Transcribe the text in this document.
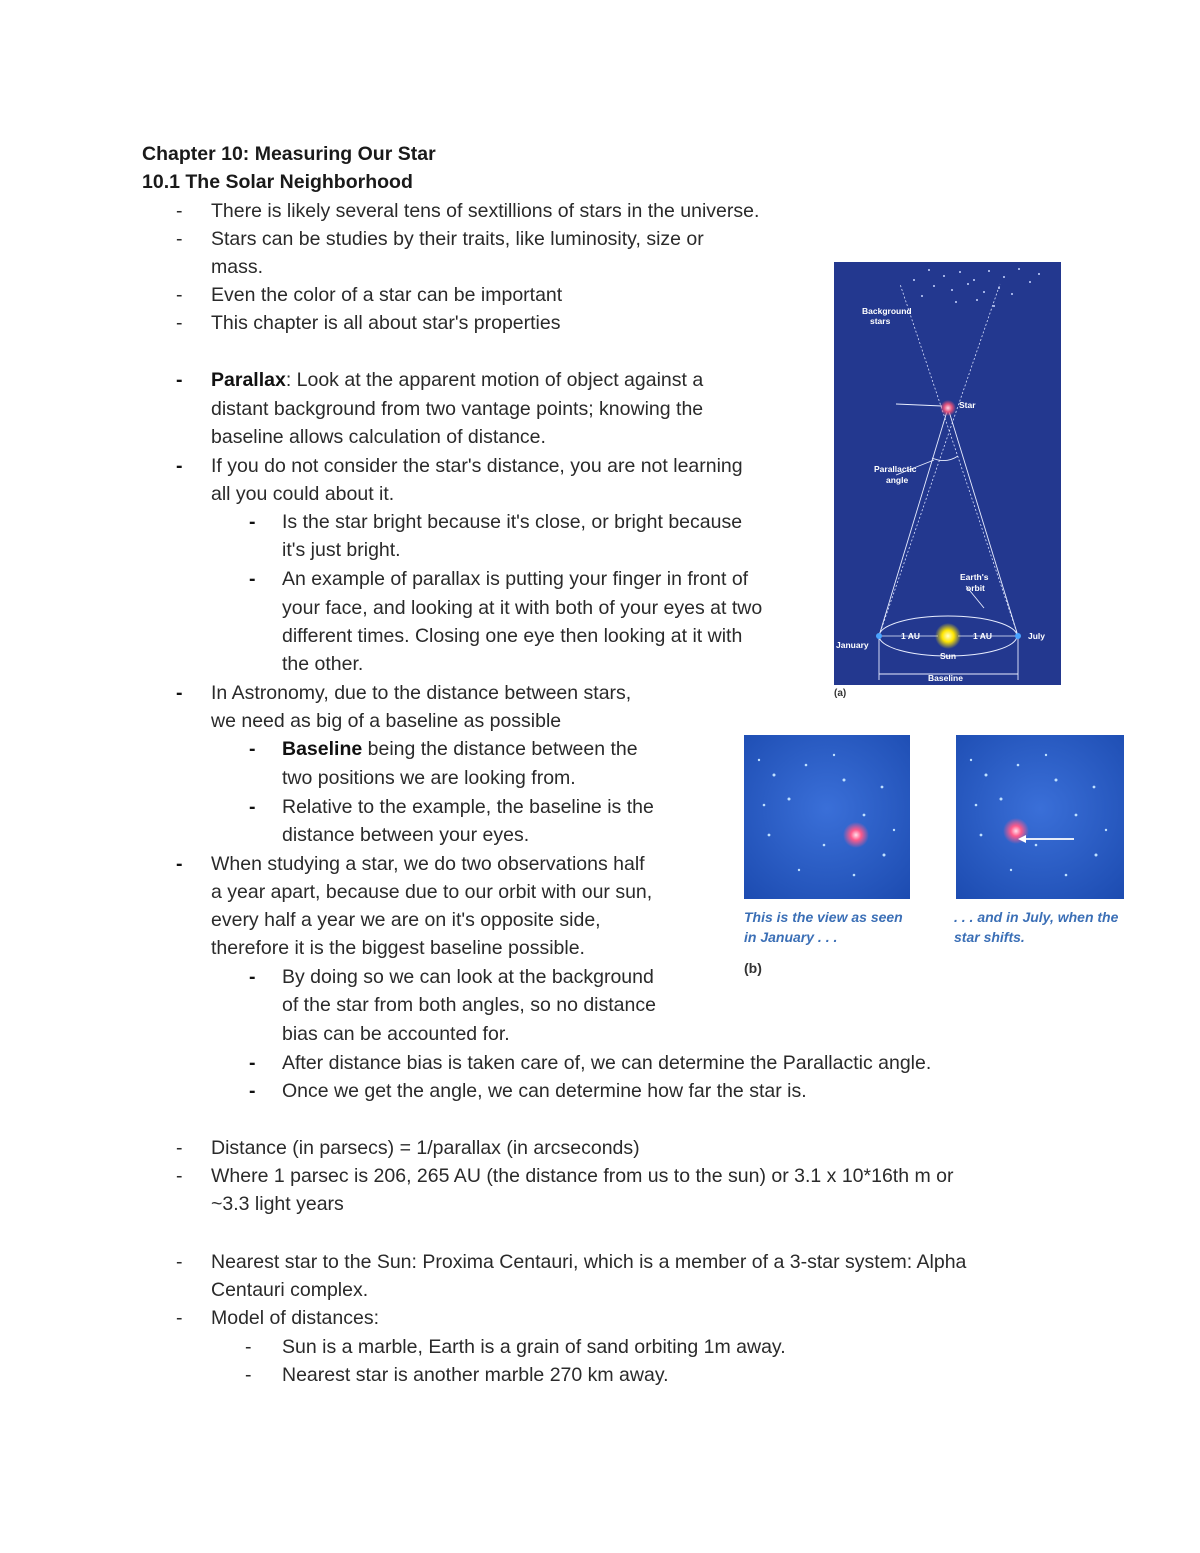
Chapter 10: Measuring Our Star
10.1 The Solar Neighborhood
- There is likely several tens of sextillions of stars in the universe.
- Stars can be studies by their traits, like luminosity, size or
mass.
- Even the color of a star can be important
- This chapter is all about star's properties
- Parallax: Look at the apparent motion of object against a
distant background from two vantage points; knowing the
baseline allows calculation of distance.
- If you do not consider the star's distance, you are not learning
all you could about it.
- Is the star bright because it's close, or bright because
it's just bright.
- An example of parallax is putting your finger in front of
your face, and looking at it with both of your eyes at two
different times. Closing one eye then looking at it with
the other.
- In Astronomy, due to the distance between stars,
we need as big of a baseline as possible
- Baseline being the distance between the
two positions we are looking from.
- Relative to the example, the baseline is the
distance between your eyes.
- When studying a star, we do two observations half
a year apart, because due to our orbit with our sun,
every half a year we are on it's opposite side,
therefore it is the biggest baseline possible.
- By doing so we can look at the background
of the star from both angles, so no distance
bias can be accounted for.
- After distance bias is taken care of, we can determine the Parallactic angle.
- Once we get the angle, we can determine how far the star is.
- Distance (in parsecs) = 1/parallax (in arcseconds)
- Where 1 parsec is 206, 265 AU (the distance from us to the sun) or 3.1 x 10*16th m or
~3.3 light years
- Nearest star to the Sun: Proxima Centauri, which is a member of a 3-star system: Alpha
Centauri complex.
- Model of distances:
- Sun is a marble, Earth is a grain of sand orbiting 1m away.
- Nearest star is another marble 270 km away.
Background
stars
Star
Parallactic
angle
Earth's
orbit
January
July
1 AU	1 AU
Sun
Baseline
(a)
This is the view as seen
in January . . .
. . . and in July, when the
star shifts.
(b)
